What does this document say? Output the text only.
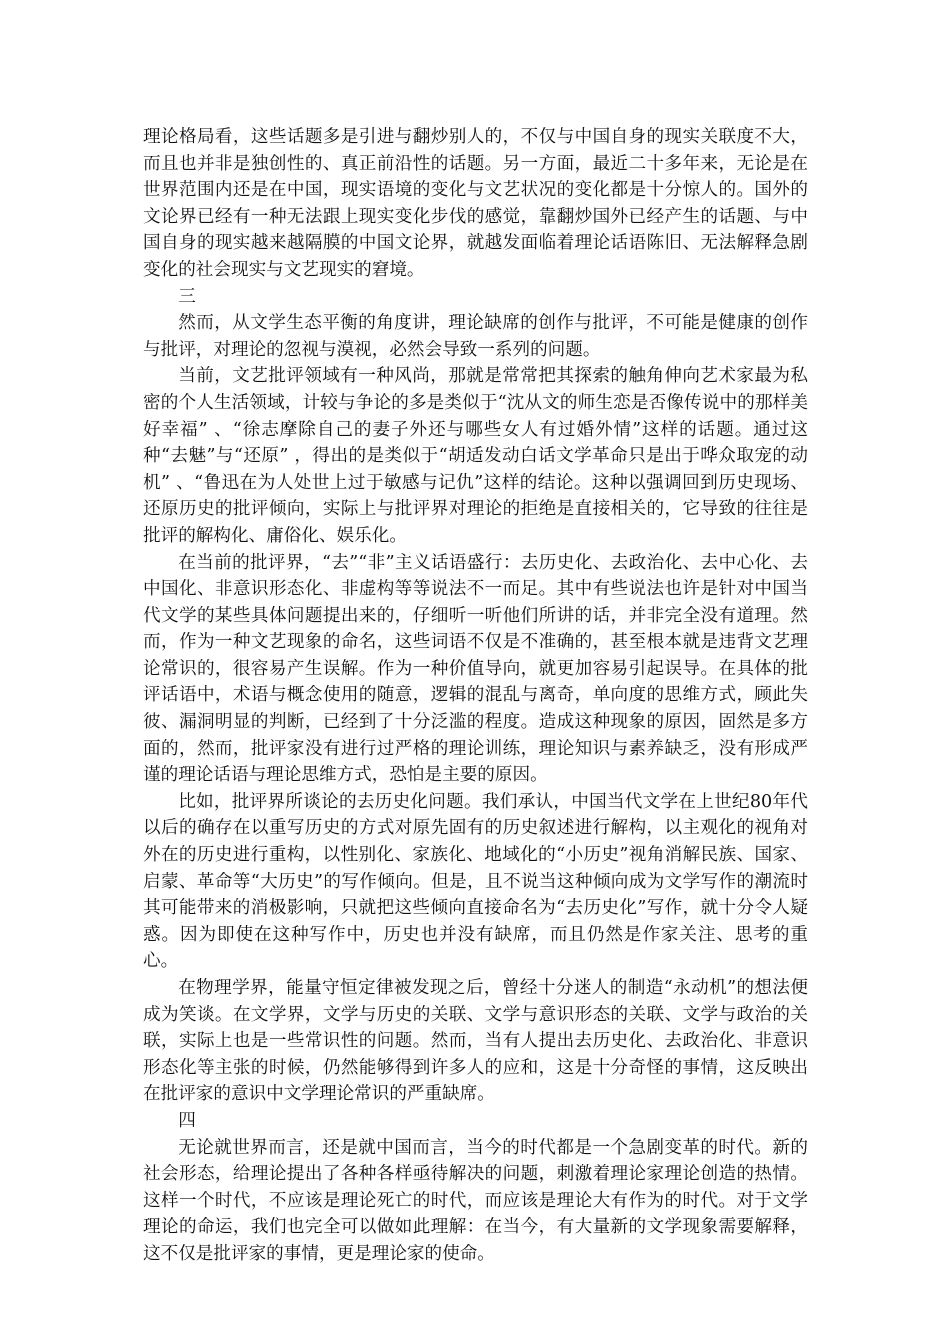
理论格局看，这些话题多是引进与翻炒别人的，不仅与中国自身的现实关联度不大，而且也并非是独创性的、真正前沿性的话题。另一方面，最近二十多年来，无论是在世界范围内还是在中国，现实语境的变化与文艺状况的变化都是十分惊人的。国外的文论界已经有一种无法跟上现实变化步伐的感觉，靠翻炒国外已经产生的话题、与中国自身的现实越来越隔膜的中国文论界，就越发面临着理论话语陈旧、无法解释急剧变化的社会现实与文艺现实的窘境。

三

然而，从文学生态平衡的角度讲，理论缺席的创作与批评，不可能是健康的创作与批评，对理论的忽视与漠视，必然会导致一系列的问题。

当前，文艺批评领域有一种风尚，那就是常常把其探索的触角伸向艺术家最为私密的个人生活领域，计较与争论的多是类似于“沈从文的师生恋是否像传说中的那样美好幸福” 、“徐志摩除自己的妻子外还与哪些女人有过婚外情”这样的话题。通过这种“去魅”与“还原” ，得出的是类似于“胡适发动白话文学革命只是出于哗众取宠的动机” 、“鲁迅在为人处世上过于敏感与记仇”这样的结论。这种以强调回到历史现场、还原历史的批评倾向，实际上与批评界对理论的拒绝是直接相关的，它导致的往往是批评的解构化、庸俗化、娱乐化。

在当前的批评界，“去”“非”主义话语盛行：去历史化、去政治化、去中心化、去中国化、非意识形态化、非虚构等等说法不一而足。其中有些说法也许是针对中国当代文学的某些具体问题提出来的，仔细听一听他们所讲的话，并非完全没有道理。然而，作为一种文艺现象的命名，这些词语不仅是不准确的，甚至根本就是违背文艺理论常识的，很容易产生误解。作为一种价值导向，就更加容易引起误导。在具体的批评话语中，术语与概念使用的随意，逻辑的混乱与离奇，单向度的思维方式，顾此失彼、漏洞明显的判断，已经到了十分泛滥的程度。造成这种现象的原因，固然是多方面的，然而，批评家没有进行过严格的理论训练，理论知识与素养缺乏，没有形成严谨的理论话语与理论思维方式，恐怕是主要的原因。

比如，批评界所谈论的去历史化问题。我们承认，中国当代文学在上世纪80年代以后的确存在以重写历史的方式对原先固有的历史叙述进行解构，以主观化的视角对外在的历史进行重构，以性别化、家族化、地域化的“小历史”视角消解民族、国家、启蒙、革命等“大历史”的写作倾向。但是，且不说当这种倾向成为文学写作的潮流时其可能带来的消极影响，只就把这些倾向直接命名为“去历史化”写作，就十分令人疑惑。因为即使在这种写作中，历史也并没有缺席，而且仍然是作家关注、思考的重心。

在物理学界，能量守恒定律被发现之后，曾经十分迷人的制造“永动机”的想法便成为笑谈。在文学界，文学与历史的关联、文学与意识形态的关联、文学与政治的关联，实际上也是一些常识性的问题。然而，当有人提出去历史化、去政治化、非意识形态化等主张的时候，仍然能够得到许多人的应和，这是十分奇怪的事情，这反映出在批评家的意识中文学理论常识的严重缺席。

四

无论就世界而言，还是就中国而言，当今的时代都是一个急剧变革的时代。新的社会形态，给理论提出了各种各样亟待解决的问题，刺激着理论家理论创造的热情。这样一个时代，不应该是理论死亡的时代，而应该是理论大有作为的时代。对于文学理论的命运，我们也完全可以做如此理解：在当今，有大量新的文学现象需要解释，这不仅是批评家的事情，更是理论家的使命。
